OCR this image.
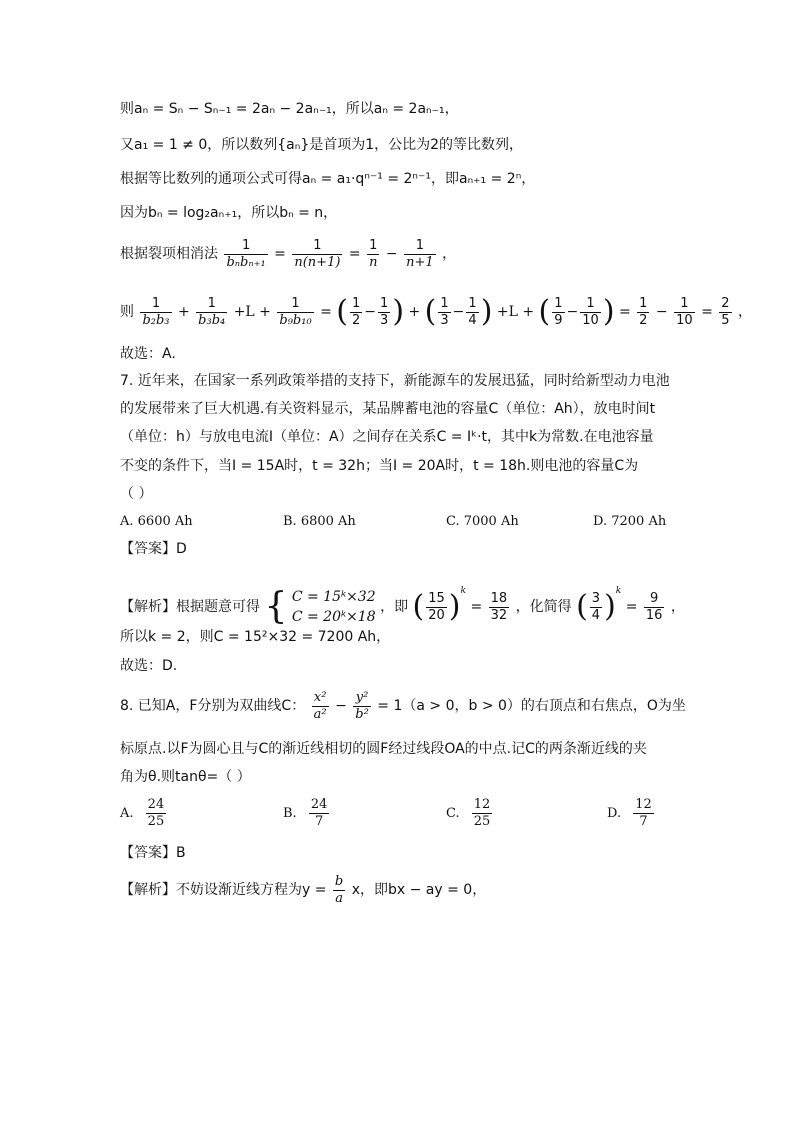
则aₙ = Sₙ − Sₙ₋₁ = 2aₙ − 2aₙ₋₁，所以aₙ = 2aₙ₋₁，
又a₁ = 1 ≠ 0，所以数列{aₙ}是首项为1，公比为2的等比数列，
根据等比数列的通项公式可得aₙ = a₁·qⁿ⁻¹ = 2ⁿ⁻¹，即aₙ₊₁ = 2ⁿ，
因为bₙ = log₂aₙ₊₁，所以bₙ = n，
根据裂项相消法 $\frac{1}{\text{bₙbₙ₊₁}} = \frac{1}{n(n+1)} = \frac{1}{n} - \frac{1}{n+1}$ ，
则 $\frac{1}{\text{b₂b₃}} + \frac{1}{\text{b₃b₄}} +L + \frac{1}{\text{b₉b₁₀}}$ = ( $\frac{1}{2} - \frac{1}{3}$ ) + ( $\frac{1}{3} - \frac{1}{4}$ ) +L + ( $\frac{1}{9} - \frac{1}{10}$ ) = $\frac{1}{2} - \frac{1}{10} = \frac{2}{5}$ ，
故选：A.
7. 近年来，在国家一系列政策举措的支持下，新能源车的发展迅猛，同时给新型动力电池
的发展带来了巨大机遇.有关资料显示，某品牌蓄电池的容量C（单位：Ah），放电时间t
（单位：h）与放电电流I（单位：A）之间存在关系C = Iᵏ·t，其中k为常数.在电池容量
不变的条件下，当I = 15A时，t = 32h；当I = 20A时，t = 18h.则电池的容量C为
（ ）
A. 6600 Ah	B. 6800 Ah	C. 7000 Ah	D. 7200 Ah
【答案】D
【解析】根据题意可得 { C = 15ᵏ×32
C = 20ᵏ×18
，即 ( $\frac{15}{20} )^k = \frac{18}{32}$ ，化简得 ( $\frac{3}{4} )^k = \frac{9}{16}$ ，
所以k = 2，则C = 15²×32 = 7200 Ah，
故选：D.
8. 已知A，F分别为双曲线C： $\frac{\text{x²}}{\text{a²}} - \frac{\text{y²}}{\text{b²}} = 1(a > 0$，b > 0）的右顶点和右焦点，O为坐
标原点.以F为圆心且与C的渐近线相切的圆F经过线段OA的中点.记C的两条渐近线的夹
角为θ.则tanθ=（ ）
A. $\frac{24}{25}$	B. $\frac{24}{7}$	C. $\frac{12}{25}$	D. $\frac{12}{7}$
【答案】B
【解析】不妨设渐近线方程为$y = \frac{b}{a}$ x，即bx − ay = 0，
